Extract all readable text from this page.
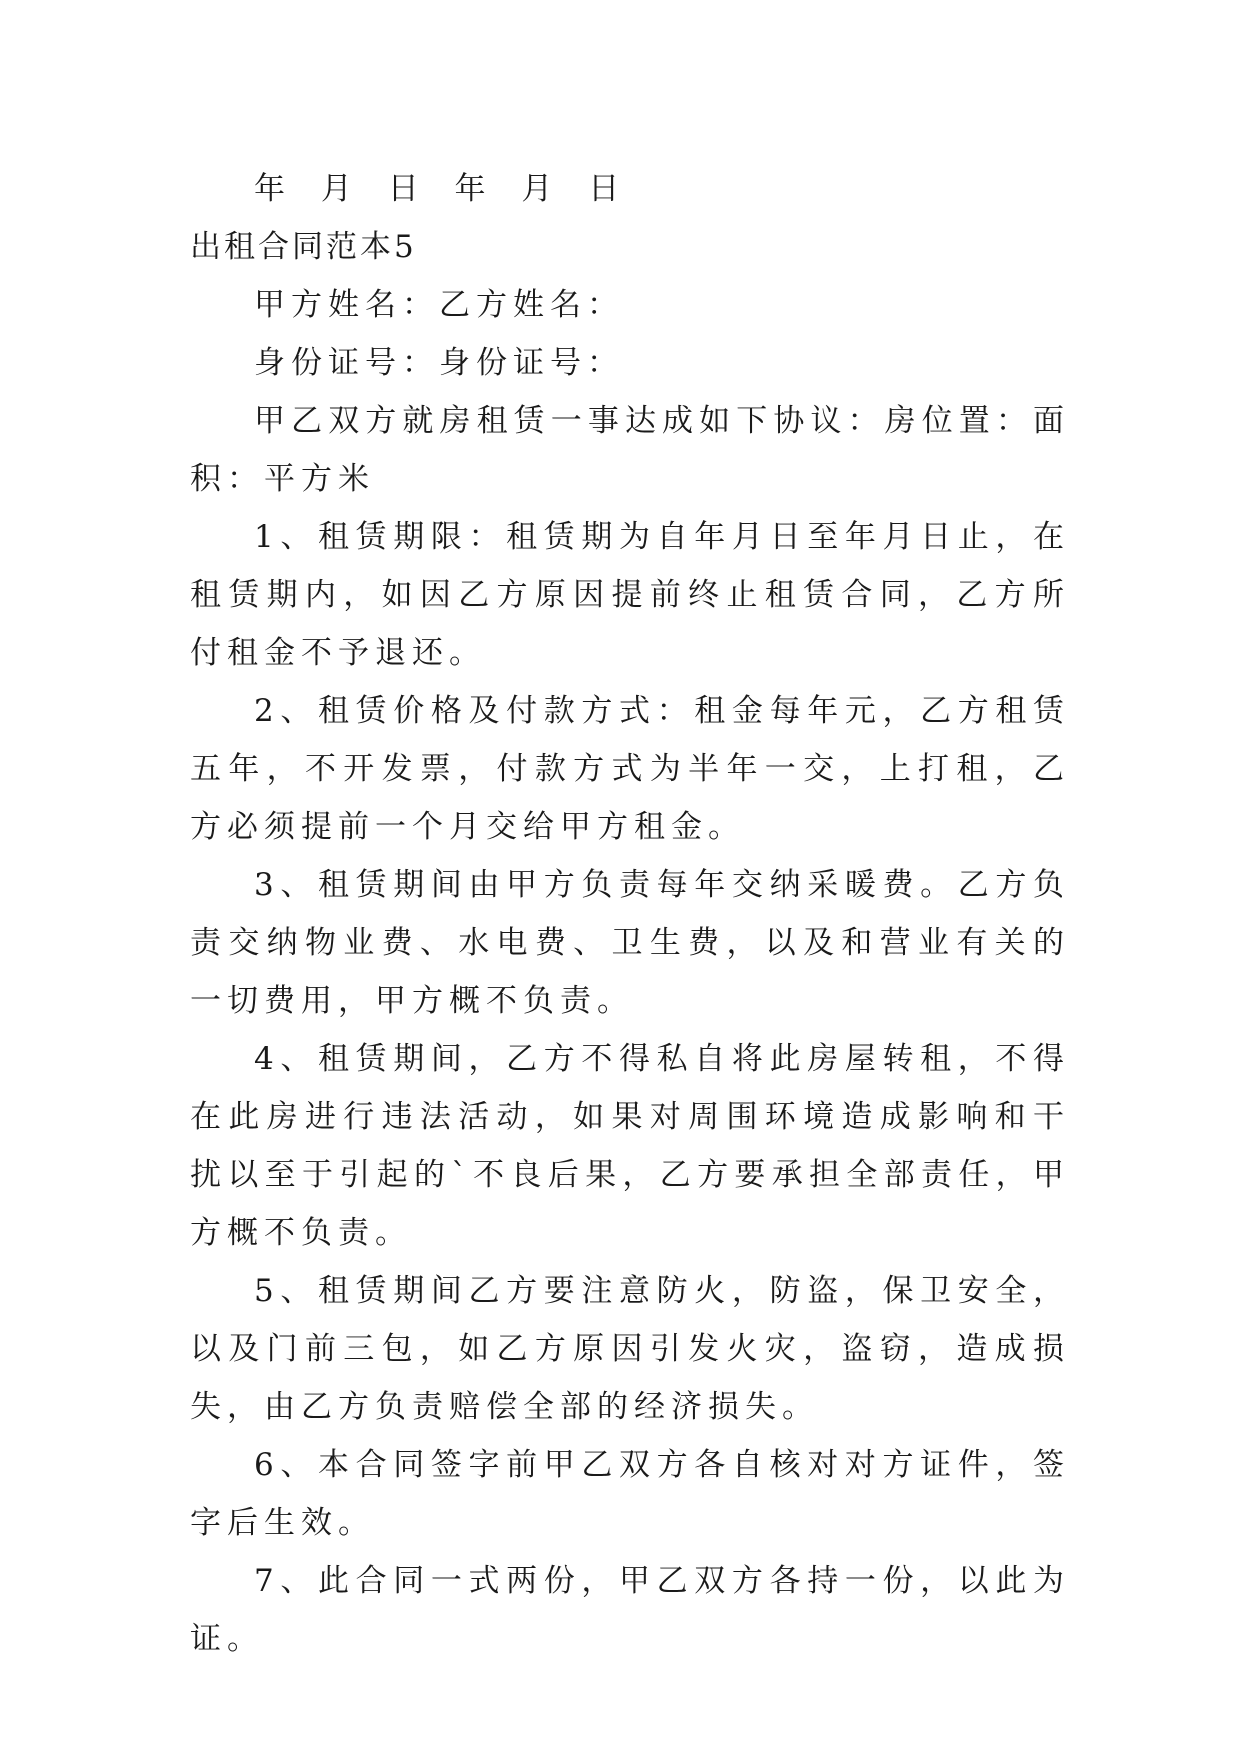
年 月 日 年 月 日
出租合同范本5
甲方姓名：乙方姓名：
身份证号：身份证号：

甲乙双方就房租赁一事达成如下协议：房位置：面积：平方米

1、租赁期限：租赁期为自年月日至年月日止，在租赁期内，如因乙方原因提前终止租赁合同，乙方所付租金不予退还。

2、租赁价格及付款方式：租金每年元，乙方租赁五年，不开发票，付款方式为半年一交，上打租，乙方必须提前一个月交给甲方租金。

3、租赁期间由甲方负责每年交纳采暖费。乙方负责交纳物业费、水电费、卫生费，以及和营业有关的一切费用，甲方概不负责。

4、租赁期间，乙方不得私自将此房屋转租，不得在此房进行违法活动，如果对周围环境造成影响和干扰以至于引起的`不良后果，乙方要承担全部责任，甲方概不负责。

5、租赁期间乙方要注意防火，防盗，保卫安全，以及门前三包，如乙方原因引发火灾，盗窃，造成损失，由乙方负责赔偿全部的经济损失。

6、本合同签字前甲乙双方各自核对对方证件，签字后生效。

7、此合同一式两份，甲乙双方各持一份，以此为证。
